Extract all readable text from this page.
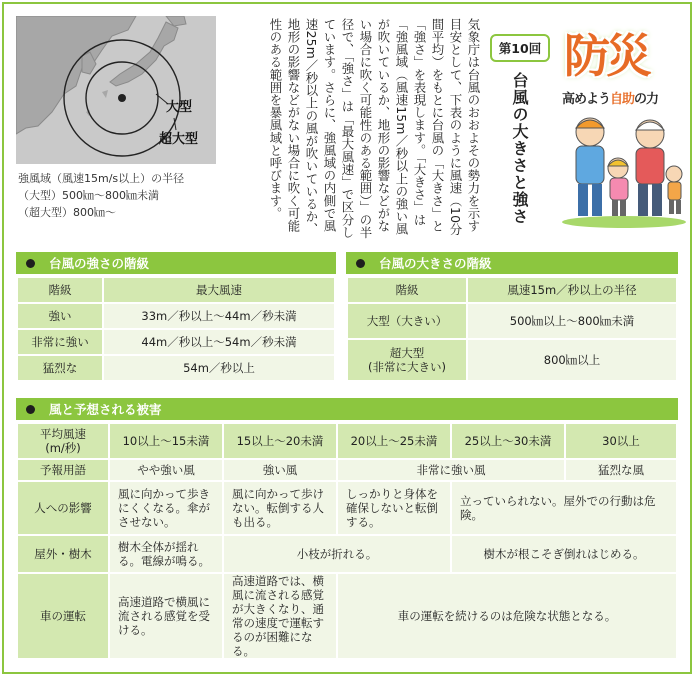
大型
超大型
強風域（風速15m/s以上）の半径
（大型）500㎞～800㎞未満
（超大型）800㎞～	気象庁は台風のおおよその勢力を示す目安として、下表のように風速（10分間平均）をもとに台風の「大きさ」と「強さ」を表現します。「大きさ」は「強風域（風速15m／秒以上の強い風が吹いているか、地形の影響などがない場合に吹く可能性のある範囲）」の半径で、「強さ」は「最大風速」で区分しています。さらに、強風域の内側で風速25m／秒以上の風が吹いているか、地形の影響などがない場合に吹く可能性のある範囲を暴風域と呼びます。	第10回
台風の大きさと強さ
防災
高めよう自助の力
台風の強さの階級
階級	最大風速
強い	33m／秒以上～44m／秒未満
非常に強い	44m／秒以上～54m／秒未満
猛烈な	54m／秒以上
台風の大きさの階級
階級	風速15m／秒以上の半径
大型（大きい）	500㎞以上～800㎞未満

超大型
(非常に大きい)	800㎞以上
風と予想される被害
平均風速
(m/秒)	10以上～15未満	15以上～20未満	20以上～25未満	25以上～30未満	30以上
予報用語	やや強い風	強い風	非常に強い風		猛烈な風
人への影響	風に向かって歩きにくくなる。傘がさせない。	風に向かって歩けない。転倒する人も出る。	しっかりと身体を確保しないと転倒する。	立っていられない。屋外での行動は危険。	
屋外・樹木	樹木全体が揺れる。電線が鳴る。	小枝が折れる。		樹木が根こそぎ倒れはじめる。	
車の運転	高速道路で横風に流される感覚を受ける。	高速道路では、横風に流される感覚が大きくなり、通常の速度で運転するのが困難になる。	車の運転を続けるのは危険な状態となる。		
